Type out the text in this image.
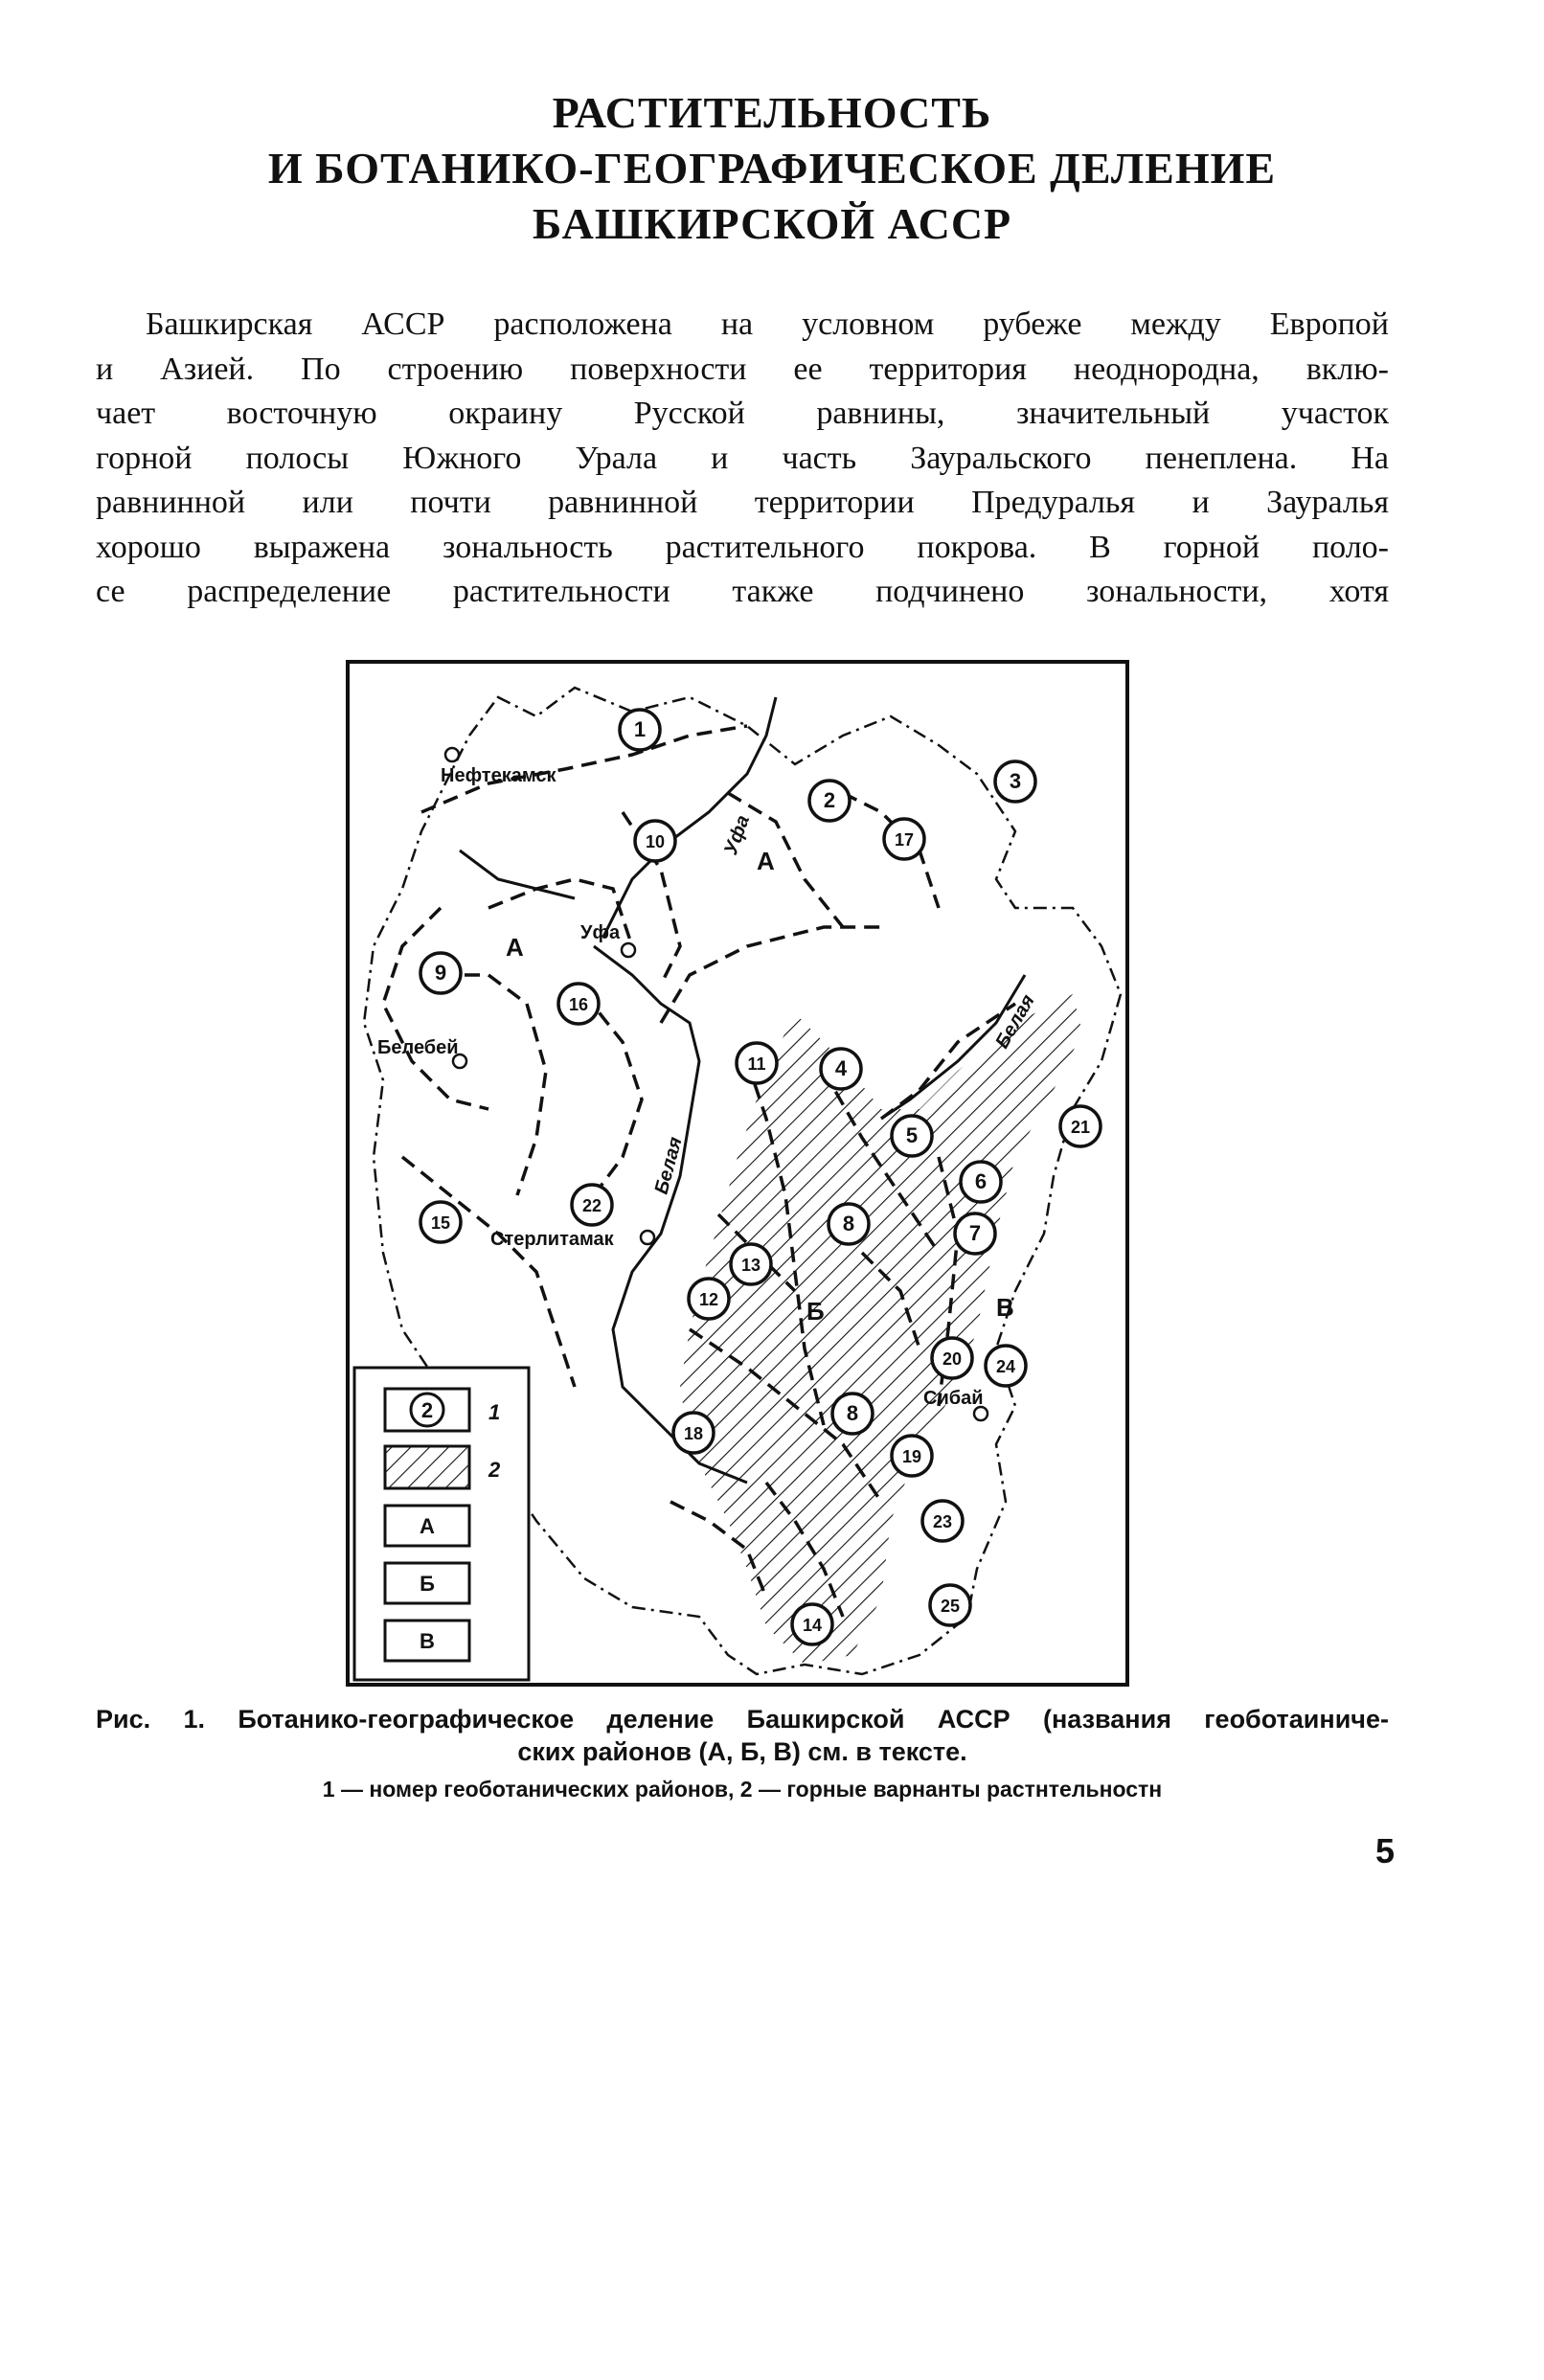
РАСТИТЕЛЬНОСТЬ
И БОТАНИКО-ГЕОГРАФИЧЕСКОЕ ДЕЛЕНИЕ
БАШКИРСКОЙ АССР
Башкирская АССР расположена на условном рубеже между Европой
и Азией. По строению поверхности ее территория неоднородна, вклю-
чает восточную окраину Русской равнины, значительный участок
горной полосы Южного Урала и часть Зауральского пенеплена. На
равнинной или почти равнинной территории Предуралья и Зауралья
хорошо выражена зональность растительного покрова. В горной поло-
се распределение растительности также подчинено зональности, хотя
А
А
Б	В
Уфа
Белая
Белая
Нефтекамск
Уфа
Белебей
Стерлитамак
Сибай
2	1
2
А
Б
В
1
2
3
4
5
6
7
8
9
10
11
12
13
14
15
16
17
18
19
20
21
22
23
24
25
8
Рис. 1. Ботанико-географическое деление Башкирской АССР (названия геоботаиниче-
ских районов (А, Б, В) см. в тексте.
1 — номер геоботанических районов, 2 — горные варнанты растнтельностн
5
